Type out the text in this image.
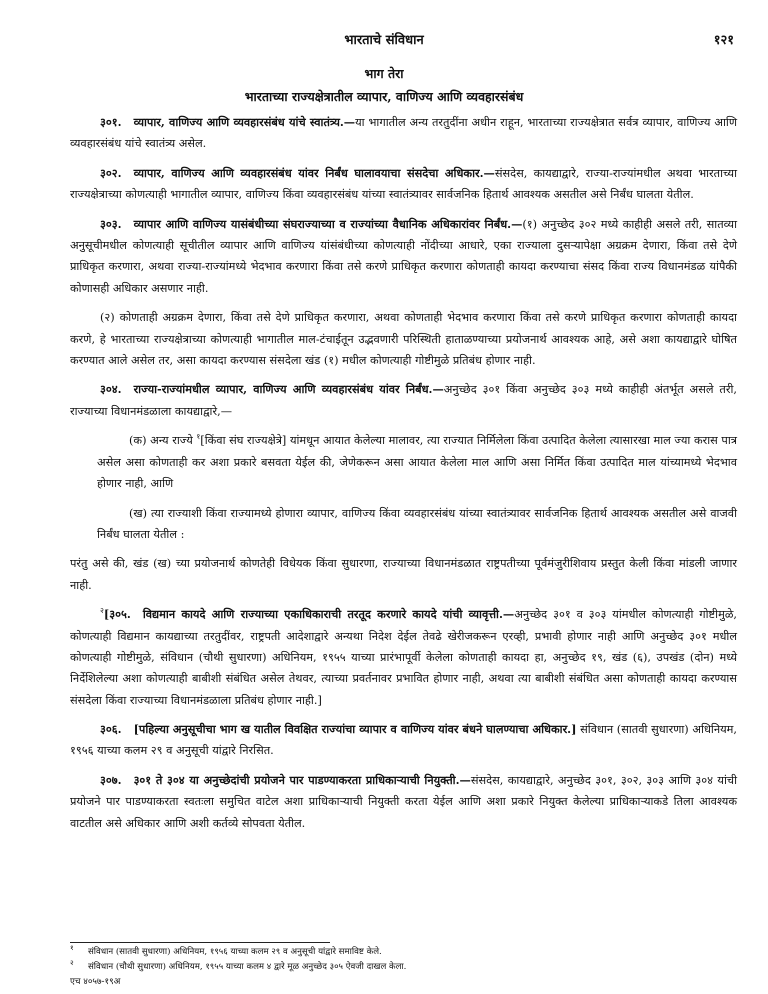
भारताचे संविधान	१२१
भाग तेरा
भारताच्या राज्यक्षेत्रातील व्यापार, वाणिज्य आणि व्यवहारसंबंध

३०१. व्यापार, वाणिज्य आणि व्यवहारसंबंध यांचे स्वातंत्र्य.—या भागातील अन्य तरतुदींना अधीन राहून, भारताच्या राज्यक्षेत्रात सर्वत्र व्यापार, वाणिज्य आणि व्यवहारसंबंध यांचे स्वातंत्र्य असेल.

३०२. व्यापार, वाणिज्य आणि व्यवहारसंबंध यांवर निर्बंध घालावयाचा संसदेचा अधिकार.—संसदेस, कायद्याद्वारे, राज्या-राज्यांमधील अथवा भारताच्या राज्यक्षेत्राच्या कोणत्याही भागातील व्यापार, वाणिज्य किंवा व्यवहारसंबंध यांच्या स्वातंत्र्यावर सार्वजनिक हितार्थ आवश्यक असतील असे निर्बंध घालता येतील.

३०३. व्यापार आणि वाणिज्य यासंबंधीच्या संघराज्याच्या व राज्यांच्या वैधानिक अधिकारांवर निर्बंध.—(१) अनुच्छेद ३०२ मध्ये काहीही असले तरी, सातव्या अनुसूचीमधील कोणत्याही सूचीतील व्यापार आणि वाणिज्य यांसंबंधीच्या कोणत्याही नोंदीच्या आधारे, एका राज्याला दुसऱ्यापेक्षा अग्रक्रम देणारा, किंवा तसे देणे प्राधिकृत करणारा, अथवा राज्या-राज्यांमध्ये भेदभाव करणारा किंवा तसे करणे प्राधिकृत करणारा कोणताही कायदा करण्याचा संसद किंवा राज्य विधानमंडळ यांपैकी कोणासही अधिकार असणार नाही.

(२) कोणताही अग्रक्रम देणारा, किंवा तसे देणे प्राधिकृत करणारा, अथवा कोणताही भेदभाव करणारा किंवा तसे करणे प्राधिकृत करणारा कोणताही कायदा करणे, हे भारताच्या राज्यक्षेत्राच्या कोणत्याही भागातील माल-टंचाईतून उद्भवणारी परिस्थिती हाताळण्याच्या प्रयोजनार्थ आवश्यक आहे, असे अशा कायद्याद्वारे घोषित करण्यात आले असेल तर, असा कायदा करण्यास संसदेला खंड (१) मधील कोणत्याही गोष्टीमुळे प्रतिबंध होणार नाही.

३०४. राज्या-राज्यांमधील व्यापार, वाणिज्य आणि व्यवहारसंबंध यांवर निर्बंध.—अनुच्छेद ३०१ किंवा अनुच्छेद ३०३ मध्ये काहीही अंतर्भूत असले तरी, राज्याच्या विधानमंडळाला कायद्याद्वारे,—

(क) अन्य राज्ये $^१$[किंवा संघ राज्यक्षेत्रे] यांमधून आयात केलेल्या मालावर, त्या राज्यात निर्मिलेला किंवा उत्पादित केलेला त्यासारखा माल ज्या करास पात्र असेल असा कोणताही कर अशा प्रकारे बसवता येईल की, जेणेकरून असा आयात केलेला माल आणि असा निर्मित किंवा उत्पादित माल यांच्यामध्ये भेदभाव होणार नाही, आणि

(ख) त्या राज्याशी किंवा राज्यामध्ये होणारा व्यापार, वाणिज्य किंवा व्यवहारसंबंध यांच्या स्वातंत्र्यावर सार्वजनिक हितार्थ आवश्यक असतील असे वाजवी निर्बंध घालता येतील :

परंतु असे की, खंड (ख) च्या प्रयोजनार्थ कोणतेही विधेयक किंवा सुधारणा, राज्याच्या विधानमंडळात राष्ट्रपतीच्या पूर्वमंजुरीशिवाय प्रस्तुत केली किंवा मांडली जाणार नाही.

$^२$[३०५. विद्यमान कायदे आणि राज्याच्या एकाधिकाराची तरतूद करणारे कायदे यांची व्यावृत्ती.—अनुच्छेद ३०१ व ३०३ यांमधील कोणत्याही गोष्टीमुळे, कोणत्याही विद्यमान कायद्याच्या तरतुदींवर, राष्ट्रपती आदेशाद्वारे अन्यथा निदेश देईल तेवढे खेरीजकरून एरव्ही, प्रभावी होणार नाही आणि अनुच्छेद ३०१ मधील कोणत्याही गोष्टीमुळे, संविधान (चौथी सुधारणा) अधिनियम, १९५५ याच्या प्रारंभापूर्वी केलेला कोणताही कायदा हा, अनुच्छेद १९, खंड (६), उपखंड (दोन) मध्ये निर्देशिलेल्या अशा कोणत्याही बाबीशी संबंधित असेल तेथवर, त्याच्या प्रवर्तनावर प्रभावित होणार नाही, अथवा त्या बाबीशी संबंधित असा कोणताही कायदा करण्यास संसदेला किंवा राज्याच्या विधानमंडळाला प्रतिबंध होणार नाही.]

३०६. [पहिल्या अनुसूचीचा भाग ख यातील विवक्षित राज्यांचा व्यापार व वाणिज्य यांवर बंधने घालण्याचा अधिकार.] संविधान (सातवी सुधारणा) अधिनियम, १९५६ याच्या कलम २९ व अनुसूची यांद्वारे निरसित.

३०७. ३०१ ते ३०४ या अनुच्छेदांची प्रयोजने पार पाडण्याकरता प्राधिकाऱ्याची नियुक्ती.—संसदेस, कायद्याद्वारे, अनुच्छेद ३०१, ३०२, ३०३ आणि ३०४ यांची प्रयोजने पार पाडण्याकरता स्वतःला समुचित वाटेल अशा प्राधिकाऱ्याची नियुक्ती करता येईल आणि अशा प्रकारे नियुक्त केलेल्या प्राधिकाऱ्याकडे तिला आवश्यक वाटतील असे अधिकार आणि अशी कर्तव्ये सोपवता येतील.

१ संविधान (सातवी सुधारणा) अधिनियम, १९५६ याच्या कलम २९ व अनुसूची यांद्वारे समाविष्ट केले.
२ संविधान (चौथी सुधारणा) अधिनियम, १९५५ याच्या कलम ४ द्वारे मूळ अनुच्छेद ३०५ ऐवजी दाखल केला.
एच ४०५७-१९अ
